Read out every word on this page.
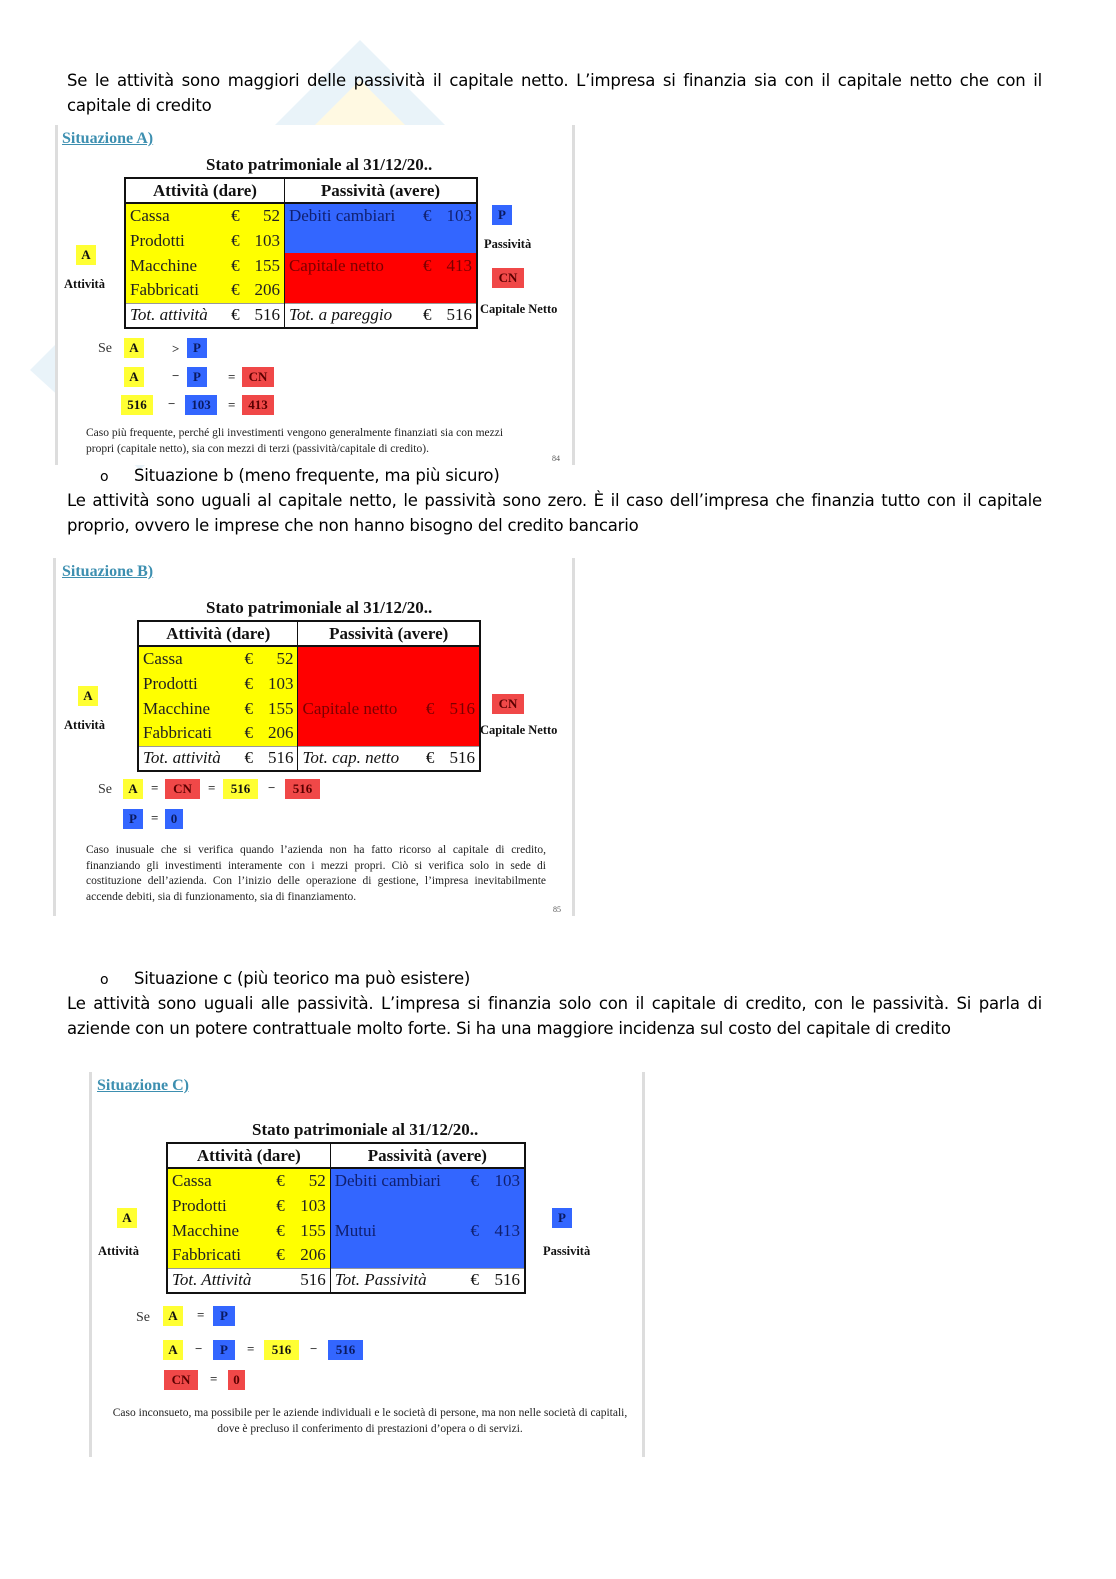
Se le attività sono maggiori delle passività il capitale netto. L’impresa si finanzia sia con il capitale netto che con il capitale di credito
Situazione A)
Stato patrimoniale al 31/12/20..
Attività (dare)			Passività (avere)		
Cassa	€	52	Debiti cambiari	€	103
Prodotti	€	103			
Macchine	€	155	Capitale netto	€	413
Fabbricati	€	206			
Tot. attività	€	516	Tot. a pareggio	€	516
A
Attività
P
Passività
CN
Capitale Netto
Se	A	>	P
A	−	P	=	CN
516	−	103	= 413
Caso più frequente, perché gli investimenti vengono generalmente finanziati sia con mezzi propri (capitale netto), sia con mezzi di terzi (passività/capitale di credito).
84
o Situazione b (meno frequente, ma più sicuro)
Le attività sono uguali al capitale netto, le passività sono zero. È il caso dell’impresa che finanzia tutto con il capitale proprio, ovvero le imprese che non hanno bisogno del credito bancario
Situazione B)
Stato patrimoniale al 31/12/20..
Attività (dare)			Passività (avere)		
Cassa	€	52			
Prodotti	€	103			
Macchine	€	155	Capitale netto	€	516
Fabbricati	€	206			
Tot. attività	€	516	Tot. cap. netto	€	516
A
Attività
CN
Capitale Netto
Se	A	=	CN	=	516	−	516
P	= 0
Caso inusuale che si verifica quando l’azienda non ha fatto ricorso al capitale di credito, finanziando gli investimenti interamente con i mezzi propri. Ciò si verifica solo in sede di costituzione dell’azienda. Con l’inizio delle operazione di gestione, l’impresa inevitabilmente accende debiti, sia di funzionamento, sia di finanziamento.
85
o Situazione c (più teorico ma può esistere)
Le attività sono uguali alle passività. L’impresa si finanzia solo con il capitale di credito, con le passività. Si parla di aziende con un potere contrattuale molto forte. Si ha una maggiore incidenza sul costo del capitale di credito
Situazione C)
Stato patrimoniale al 31/12/20..
Attività (dare)			Passività (avere)		
Cassa	€	52	Debiti cambiari	€	103
Prodotti	€	103			
Macchine	€	155	Mutui	€	413
Fabbricati	€	206			
Tot. Attività		516	Tot. Passività	€	516
A
Attività
P
Passività
Se	A	=	P
A	−	P	=	516	−	516
CN	=	0
Caso inconsueto, ma possibile per le aziende individuali e le società di persone, ma non nelle società di capitali, dove è precluso il conferimento di prestazioni d’opera o di servizi.
